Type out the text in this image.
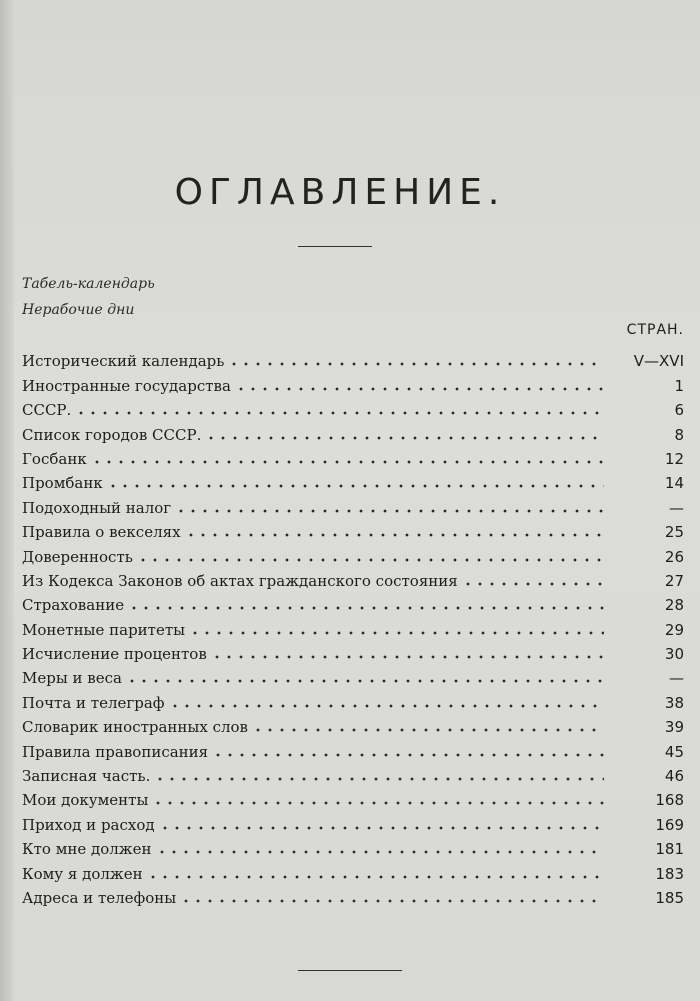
ОГЛАВЛЕНИЕ.
Табель-календарь
Нерабочие дни
СТРАН.
Исторический календарь	V—XVI
Иностранные государства	1
СССР.	6
Список городов СССР.	8
Госбанк	12
Промбанк	14
Подоходный налог	—
Правила о векселях	25
Доверенность	26
Из Кодекса Законов об актах гражданского состояния	27
Страхование	28
Монетные паритеты	29
Исчисление процентов	30
Меры и веса	—
Почта и телеграф	38
Словарик иностранных слов	39
Правила правописания	45
Записная часть.	46
Мои документы	168
Приход и расход	169
Кто мне должен	181
Кому я должен	183
Адреса и телефоны	185
